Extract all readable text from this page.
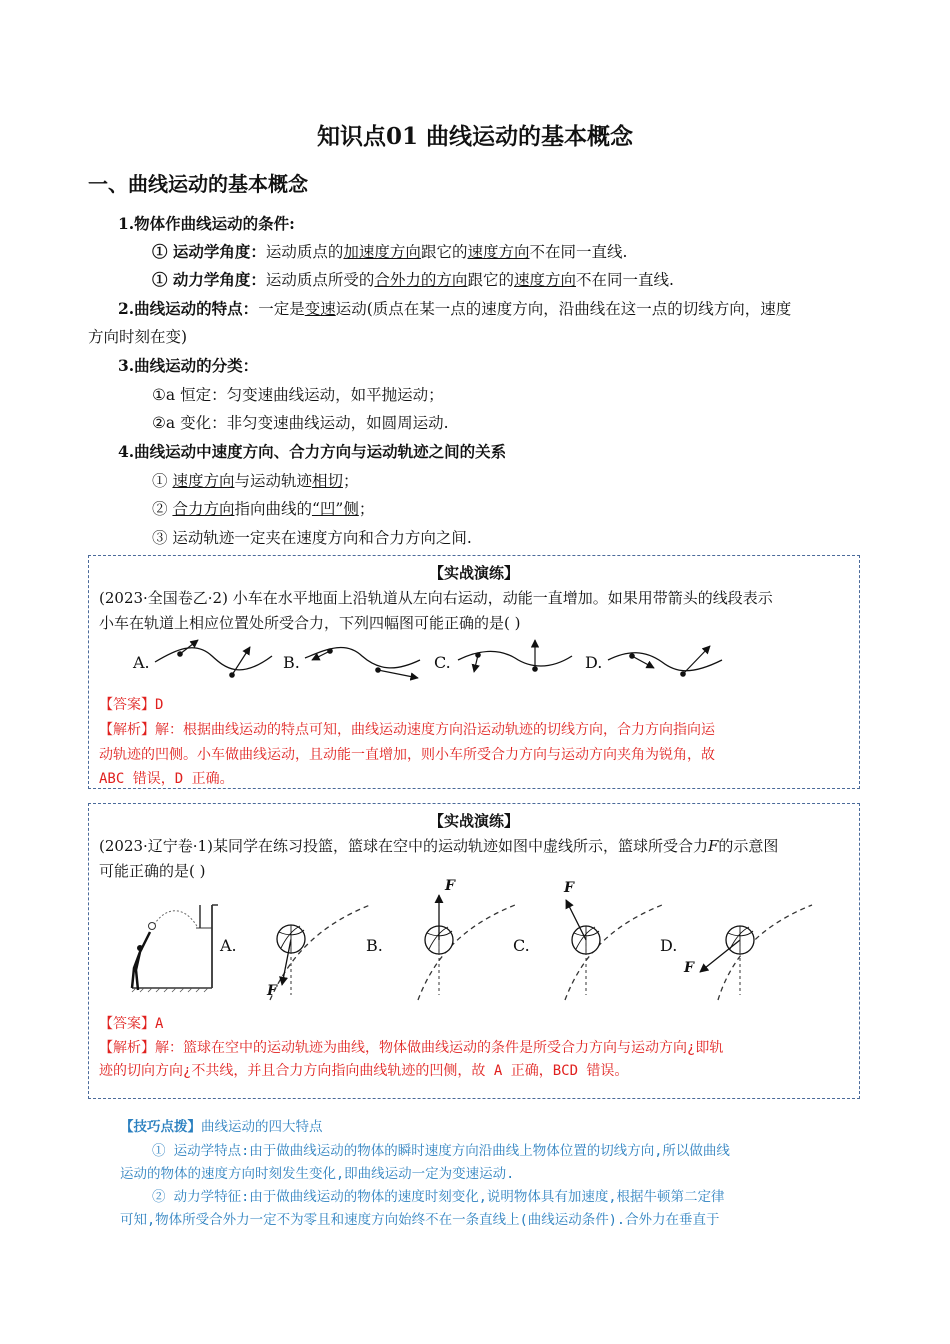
知识点01 曲线运动的基本概念
一、曲线运动的基本概念
1.物体作曲线运动的条件:
① 运动学角度：运动质点的加速度方向跟它的速度方向不在同一直线.
① 动力学角度：运动质点所受的合外力的方向跟它的速度方向不在同一直线.
2.曲线运动的特点：一定是变速运动(质点在某一点的速度方向，沿曲线在这一点的切线方向，速度
方向时刻在变)
3.曲线运动的分类：
①a 恒定：匀变速曲线运动，如平抛运动；
②a 变化：非匀变速曲线运动，如圆周运动.
4.曲线运动中速度方向、合力方向与运动轨迹之间的关系
① 速度方向与运动轨迹相切；
② 合力方向指向曲线的“凹”侧；
③ 运动轨迹一定夹在速度方向和合力方向之间.
【实战演练】
(2023·全国卷乙·2) 小车在水平地面上沿轨道从左向右运动，动能一直增加。如果用带箭头的线段表示
小车在轨道上相应位置处所受合力，下列四幅图可能正确的是( )
A.	B.	C.	D.
【答案】D
【解析】解：根据曲线运动的特点可知，曲线运动速度方向沿运动轨迹的切线方向，合力方向指向运
动轨迹的凹侧。小车做曲线运动，且动能一直增加，则小车所受合力方向与运动方向夹角为锐角，故
ABC 错误，D 正确。
【实战演练】
(2023·辽宁卷·1)某同学在练习投篮，篮球在空中的运动轨迹如图中虚线所示，篮球所受合力F的示意图
可能正确的是( )
A.	B.	C.	D.
F
F	F
F
【答案】A
【解析】解：篮球在空中的运动轨迹为曲线，物体做曲线运动的条件是所受合力方向与运动方向¿即轨
迹的切向方向¿不共线，并且合力方向指向曲线轨迹的凹侧，故 A 正确，BCD 错误。
【技巧点拨】曲线运动的四大特点
① 运动学特点:由于做曲线运动的物体的瞬时速度方向沿曲线上物体位置的切线方向,所以做曲线
运动的物体的速度方向时刻发生变化,即曲线运动一定为变速运动.
② 动力学特征:由于做曲线运动的物体的速度时刻变化,说明物体具有加速度,根据牛顿第二定律
可知,物体所受合外力一定不为零且和速度方向始终不在一条直线上(曲线运动条件).合外力在垂直于
